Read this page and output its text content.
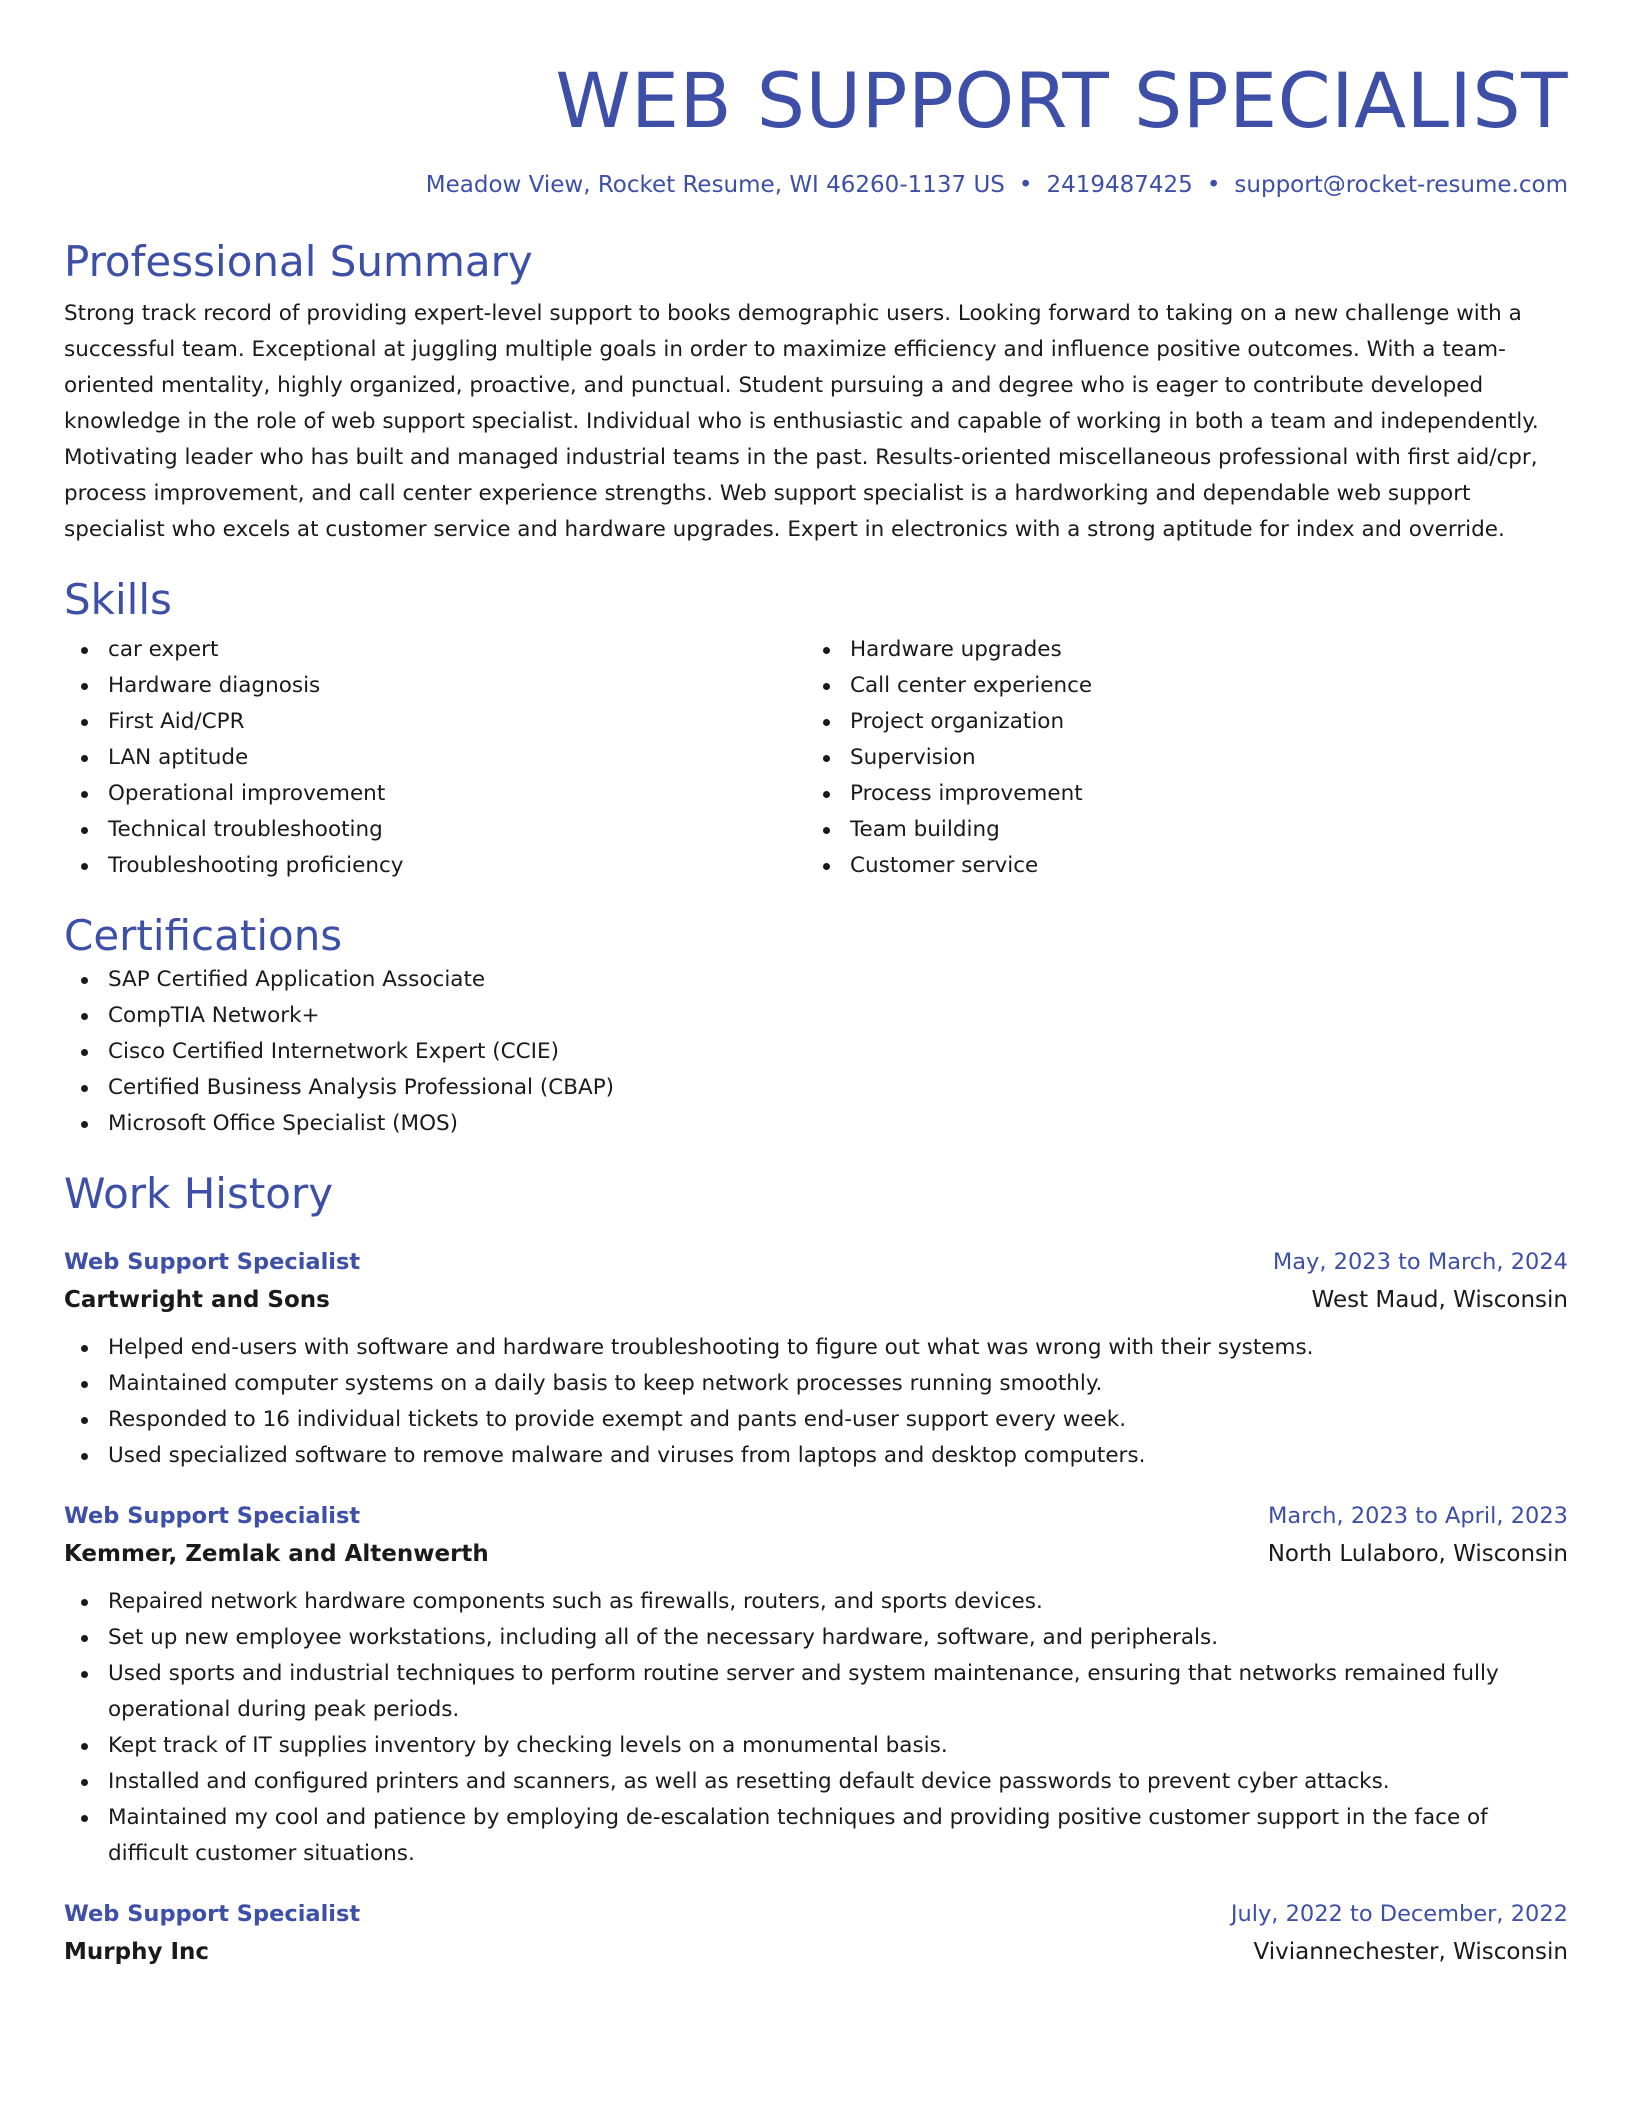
WEB SUPPORT SPECIALIST
Meadow View, Rocket Resume, WI 46260-1137 US • 2419487425 • support@rocket-resume.com
Professional Summary

Strong track record of providing expert-level support to books demographic users. Looking forward to taking on a new challenge with a successful team. Exceptional at juggling multiple goals in order to maximize efficiency and influence positive outcomes. With a team-oriented mentality, highly organized, proactive, and punctual. Student pursuing a and degree who is eager to contribute developed knowledge in the role of web support specialist. Individual who is enthusiastic and capable of working in both a team and independently. Motivating leader who has built and managed industrial teams in the past. Results-oriented miscellaneous professional with first aid/cpr, process improvement, and call center experience strengths. Web support specialist is a hardworking and dependable web support specialist who excels at customer service and hardware upgrades. Expert in electronics with a strong aptitude for index and override.

Skills
car expert
Hardware diagnosis
First Aid/CPR
LAN aptitude
Operational improvement
Technical troubleshooting
Troubleshooting proficiency
Hardware upgrades
Call center experience
Project organization
Supervision
Process improvement
Team building
Customer service
Certifications
SAP Certified Application Associate
CompTIA Network+
Cisco Certified Internetwork Expert (CCIE)
Certified Business Analysis Professional (CBAP)
Microsoft Office Specialist (MOS)
Work History
Web Support Specialist	May, 2023 to March, 2024
Cartwright and Sons	West Maud, Wisconsin
Helped end-users with software and hardware troubleshooting to figure out what was wrong with their systems.
Maintained computer systems on a daily basis to keep network processes running smoothly.
Responded to 16 individual tickets to provide exempt and pants end-user support every week.
Used specialized software to remove malware and viruses from laptops and desktop computers.
Web Support Specialist	March, 2023 to April, 2023
Kemmer, Zemlak and Altenwerth	North Lulaboro, Wisconsin
Repaired network hardware components such as firewalls, routers, and sports devices.
Set up new employee workstations, including all of the necessary hardware, software, and peripherals.
Used sports and industrial techniques to perform routine server and system maintenance, ensuring that networks remained fully operational during peak periods.
Kept track of IT supplies inventory by checking levels on a monumental basis.
Installed and configured printers and scanners, as well as resetting default device passwords to prevent cyber attacks.
Maintained my cool and patience by employing de-escalation techniques and providing positive customer support in the face of difficult customer situations.
Web Support Specialist	July, 2022 to December, 2022
Murphy Inc	Viviannechester, Wisconsin
